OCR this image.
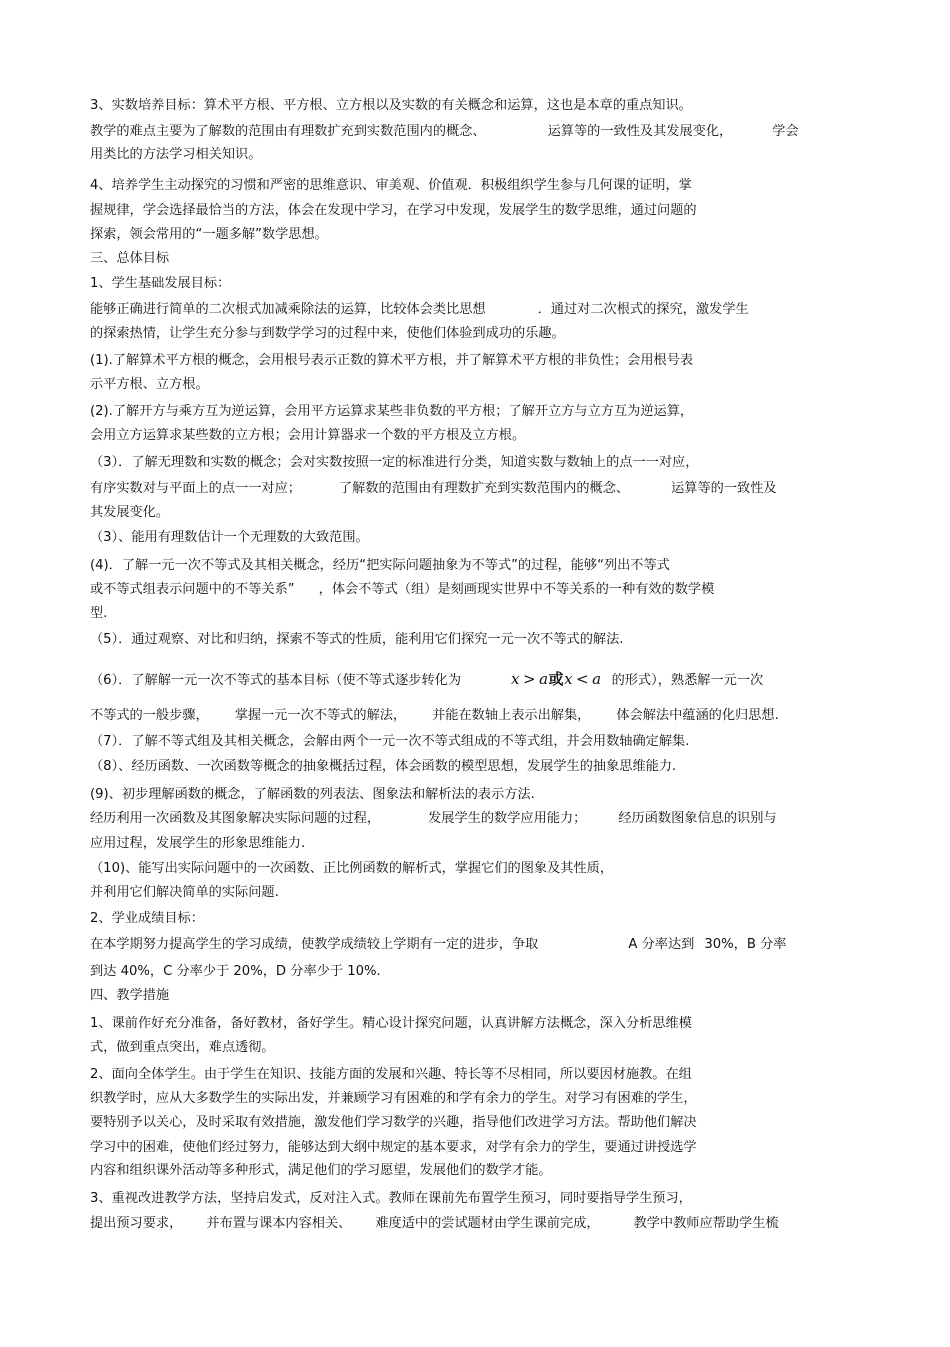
3、实数培养目标：算术平方根、平方根、立方根以及实数的有关概念和运算，这也是本章的重点知识。
教学的难点主要为了解数的范围由有理数扩充到实数范围内的概念、	运算等的一致性及其发展变化，	学会
用类比的方法学习相关知识。
4、培养学生主动探究的习惯和严密的思维意识、审美观、价值观．积极组织学生参与几何课的证明，掌
握规律，学会选择最恰当的方法，体会在发现中学习，在学习中发现，发展学生的数学思维，通过问题的
探索，领会常用的“一题多解”数学思想。
三、总体目标
1、学生基础发展目标：
能够正确进行简单的二次根式加减乘除法的运算，比较体会类比思想	．通过对二次根式的探究，激发学生
的探索热情，让学生充分参与到数学学习的过程中来，使他们体验到成功的乐趣。
(1).了解算术平方根的概念，会用根号表示正数的算术平方根，并了解算术平方根的非负性；会用根号表
示平方根、立方根。
(2).了解开方与乘方互为逆运算，会用平方运算求某些非负数的平方根；了解开立方与立方互为逆运算，
会用立方运算求某些数的立方根；会用计算器求一个数的平方根及立方根。
（3）．了解无理数和实数的概念；会对实数按照一定的标准进行分类，知道实数与数轴上的点一一对应，
有序实数对与平面上的点一一对应；	了解数的范围由有理数扩充到实数范围内的概念、	运算等的一致性及
其发展变化。
（3）、能用有理数估计一个无理数的大致范围。
(4)．了解一元一次不等式及其相关概念，经历“把实际问题抽象为不等式”的过程，能够“列出不等式
或不等式组表示问题中的不等关系” ，体会不等式（组）是刻画现实世界中不等关系的一种有效的数学模
型.
（5）．通过观察、对比和归纳，探索不等式的性质，能利用它们探究一元一次不等式的解法.
（6）．了解解一元一次不等式的基本目标（使不等式逐步转化为	x > a或x < a 的形式），熟悉解一元一次
不等式的一般步骤， 掌握一元一次不等式的解法， 并能在数轴上表示出解集， 体会解法中蕴涵的化归思想.
（7）．了解不等式组及其相关概念，会解由两个一元一次不等式组成的不等式组，并会用数轴确定解集.
（8）、经历函数、一次函数等概念的抽象概括过程，体会函数的模型思想，发展学生的抽象思维能力.
(9)、初步理解函数的概念，了解函数的列表法、图象法和解析法的表示方法.
经历利用一次函数及其图象解决实际问题的过程，	发展学生的数学应用能力； 经历函数图象信息的识别与
应用过程，发展学生的形象思维能力.
（10)、能写出实际问题中的一次函数、正比例函数的解析式，掌握它们的图象及其性质，
并利用它们解决简单的实际问题.
2、学业成绩目标：
在本学期努力提高学生的学习成绩，使教学成绩较上学期有一定的进步，争取	A 分率达到 30%，B 分率
到达 40%，C 分率少于 20%，D 分率少于 10%.
四、教学措施
1、课前作好充分准备，备好教材，备好学生。精心设计探究问题，认真讲解方法概念，深入分析思维模
式，做到重点突出，难点透彻。
2、面向全体学生。由于学生在知识、技能方面的发展和兴趣、特长等不尽相同，所以要因材施教。在组
织教学时，应从大多数学生的实际出发，并兼顾学习有困难的和学有余力的学生。对学习有困难的学生，
要特别予以关心，及时采取有效措施，激发他们学习数学的兴趣，指导他们改进学习方法。帮助他们解决
学习中的困难，使他们经过努力，能够达到大纲中规定的基本要求，对学有余力的学生，要通过讲授选学
内容和组织课外活动等多种形式，满足他们的学习愿望，发展他们的数学才能。
3、重视改进教学方法，坚持启发式，反对注入式。教师在课前先布置学生预习，同时要指导学生预习，
提出预习要求， 并布置与课本内容相关、 难度适中的尝试题材由学生课前完成，	教学中教师应帮助学生梳
